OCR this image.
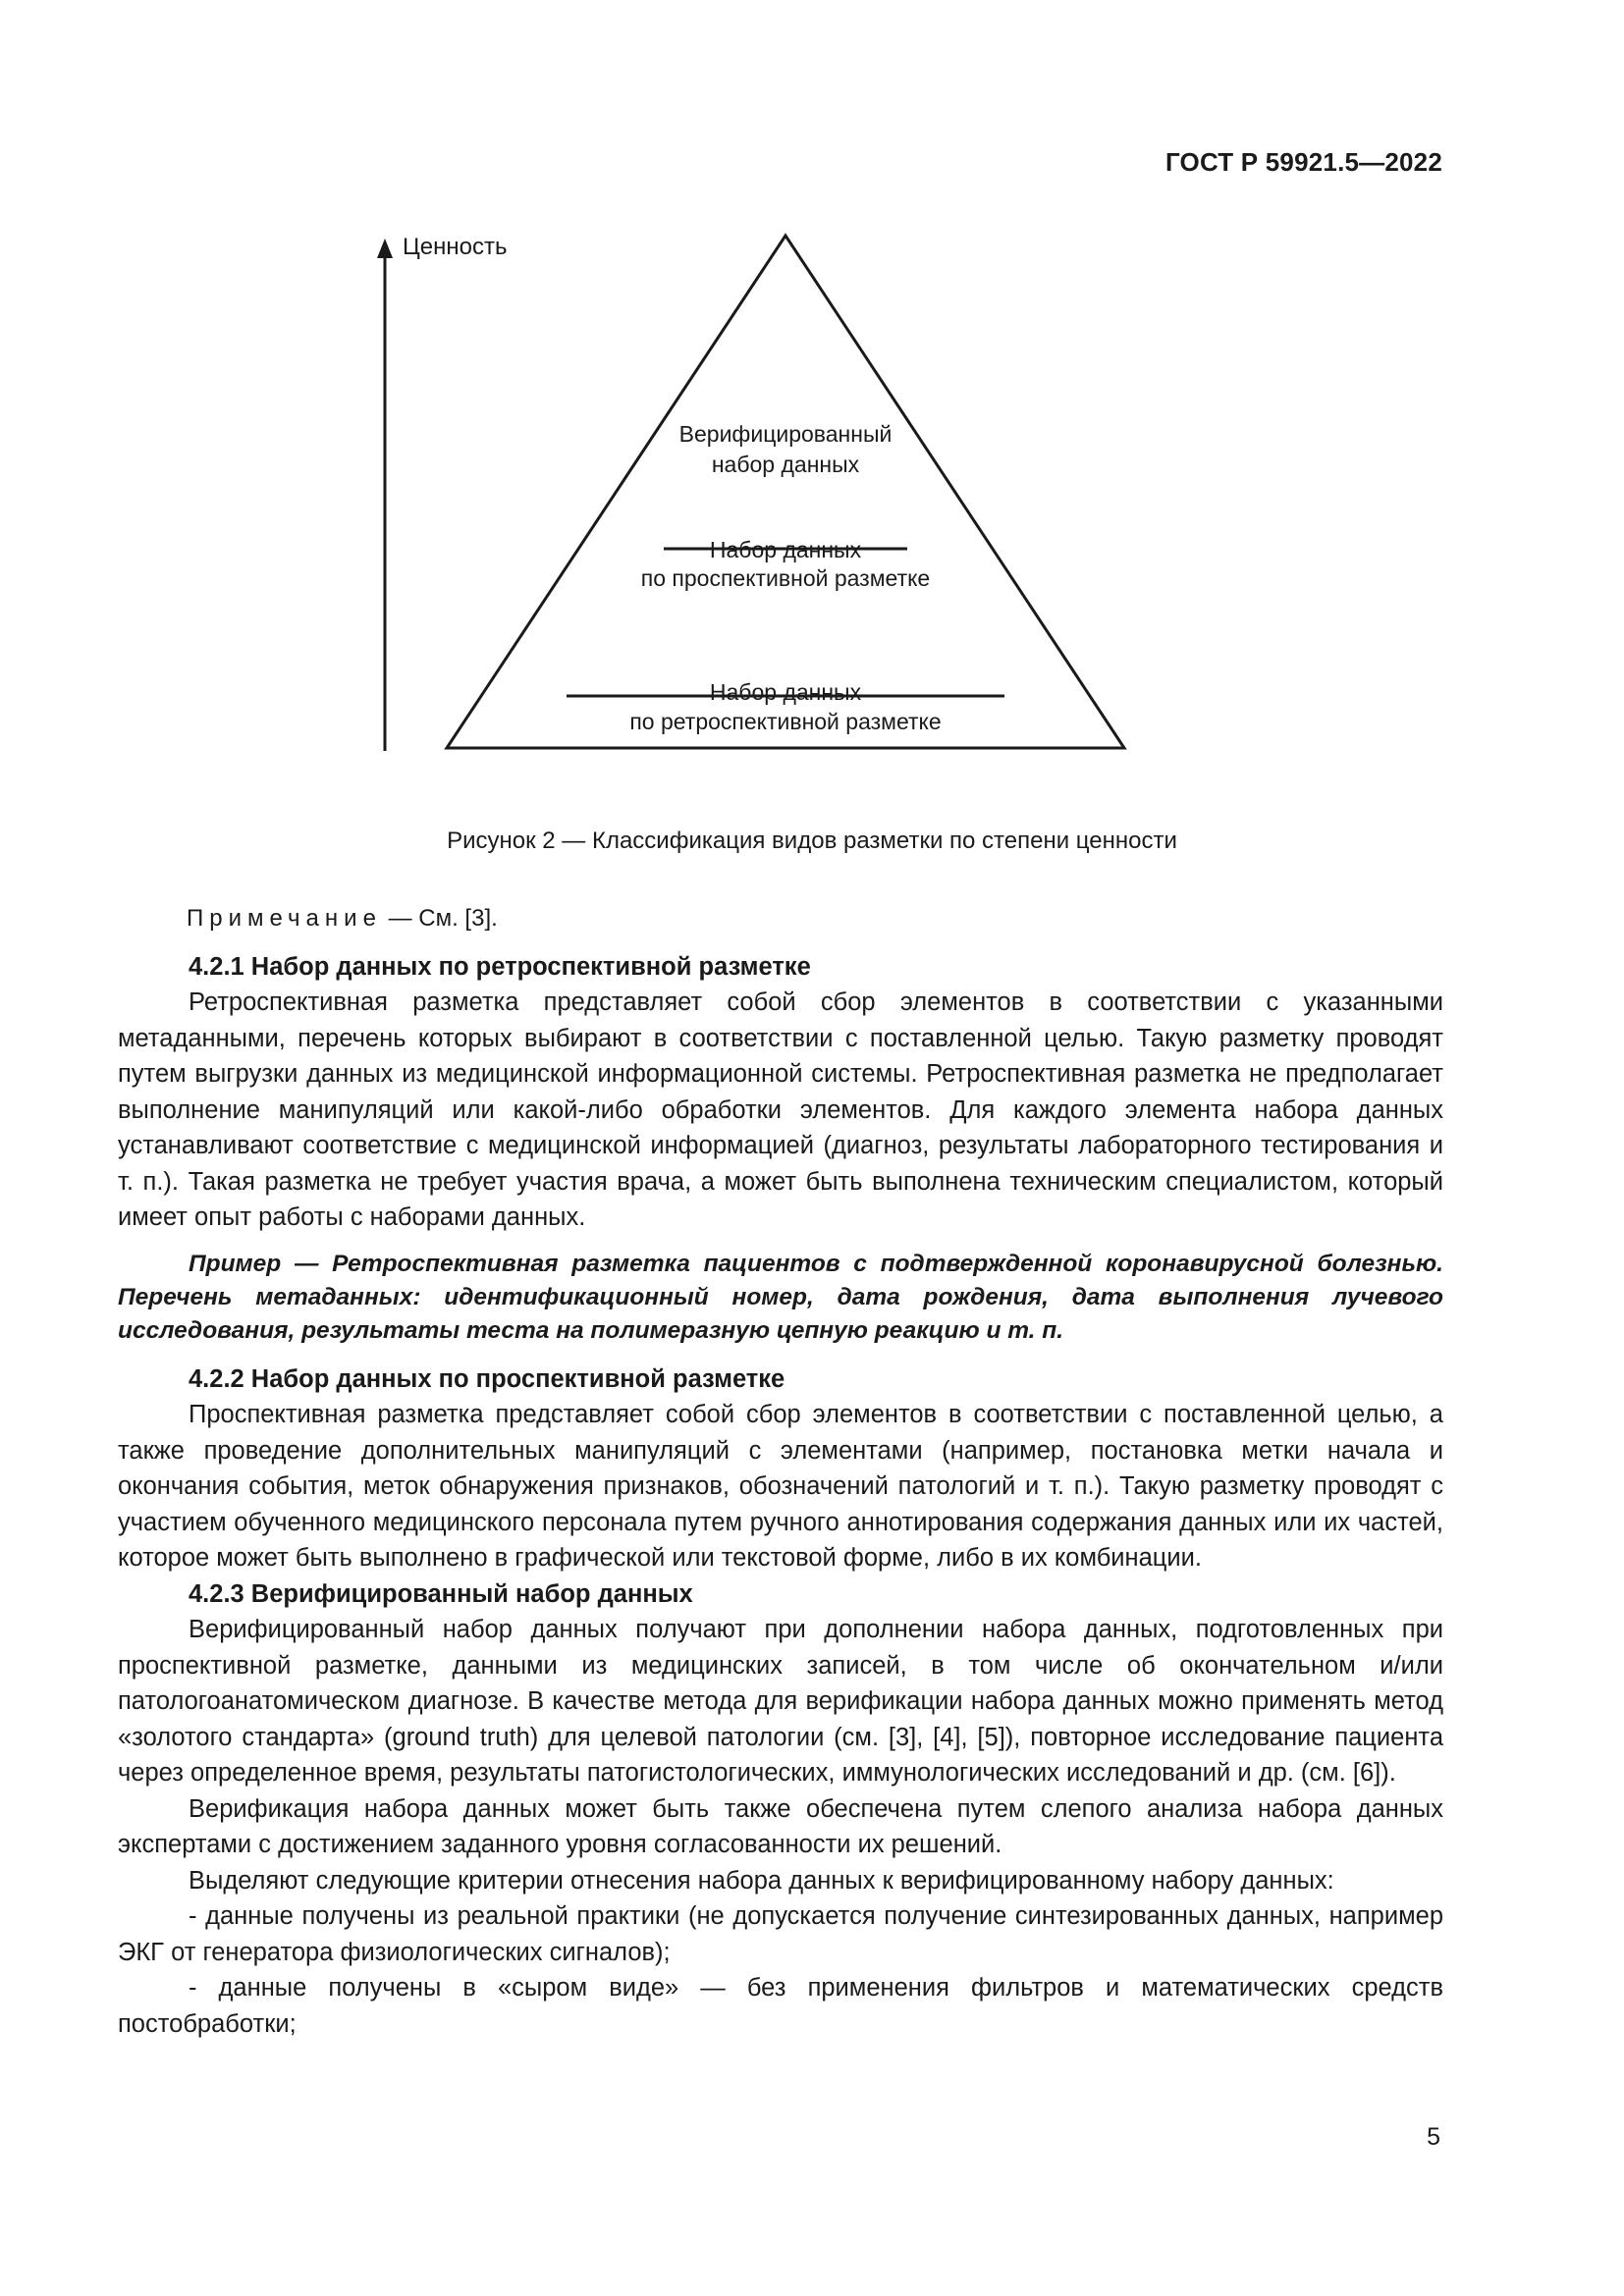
ГОСТ Р 59921.5—2022
Ценность
Верифицированный
набор данных
Набор данных
по проспективной разметке
Набор данных
по ретроспективной разметке
Рисунок 2 — Классификация видов разметки по степени ценности
Примечание — См. [3].
4.2.1 Набор данных по ретроспективной разметке

Ретроспективная разметка представляет собой сбор элементов в соответствии с указанными метаданными, перечень которых выбирают в соответствии с поставленной целью. Такую разметку проводят путем выгрузки данных из медицинской информационной системы. Ретроспективная разметка не предполагает выполнение манипуляций или какой-либо обработки элементов. Для каждого элемента набора данных устанавливают соответствие с медицинской информацией (диагноз, результаты лабораторного тестирования и т. п.). Такая разметка не требует участия врача, а может быть выполнена техническим специалистом, который имеет опыт работы с наборами данных.

Пример — Ретроспективная разметка пациентов с подтвержденной коронавирусной болезнью. Перечень метаданных: идентификационный номер, дата рождения, дата выполнения лучевого исследования, результаты теста на полимеразную цепную реакцию и т. п.

4.2.2 Набор данных по проспективной разметке

Проспективная разметка представляет собой сбор элементов в соответствии с поставленной целью, а также проведение дополнительных манипуляций с элементами (например, постановка метки начала и окончания события, меток обнаружения признаков, обозначений патологий и т. п.). Такую разметку проводят с участием обученного медицинского персонала путем ручного аннотирования содержания данных или их частей, которое может быть выполнено в графической или текстовой форме, либо в их комбинации.

4.2.3 Верифицированный набор данных

Верифицированный набор данных получают при дополнении набора данных, подготовленных при проспективной разметке, данными из медицинских записей, в том числе об окончательном и/или патологоанатомическом диагнозе. В качестве метода для верификации набора данных можно применять метод «золотого стандарта» (ground truth) для целевой патологии (см. [3], [4], [5]), повторное исследование пациента через определенное время, результаты патогистологических, иммунологических исследований и др. (см. [6]).

Верификация набора данных может быть также обеспечена путем слепого анализа набора данных экспертами с достижением заданного уровня согласованности их решений.

Выделяют следующие критерии отнесения набора данных к верифицированному набору данных:

- данные получены из реальной практики (не допускается получение синтезированных данных, например ЭКГ от генератора физиологических сигналов);

- данные получены в «сыром виде» — без применения фильтров и математических средств постобработки;

5
